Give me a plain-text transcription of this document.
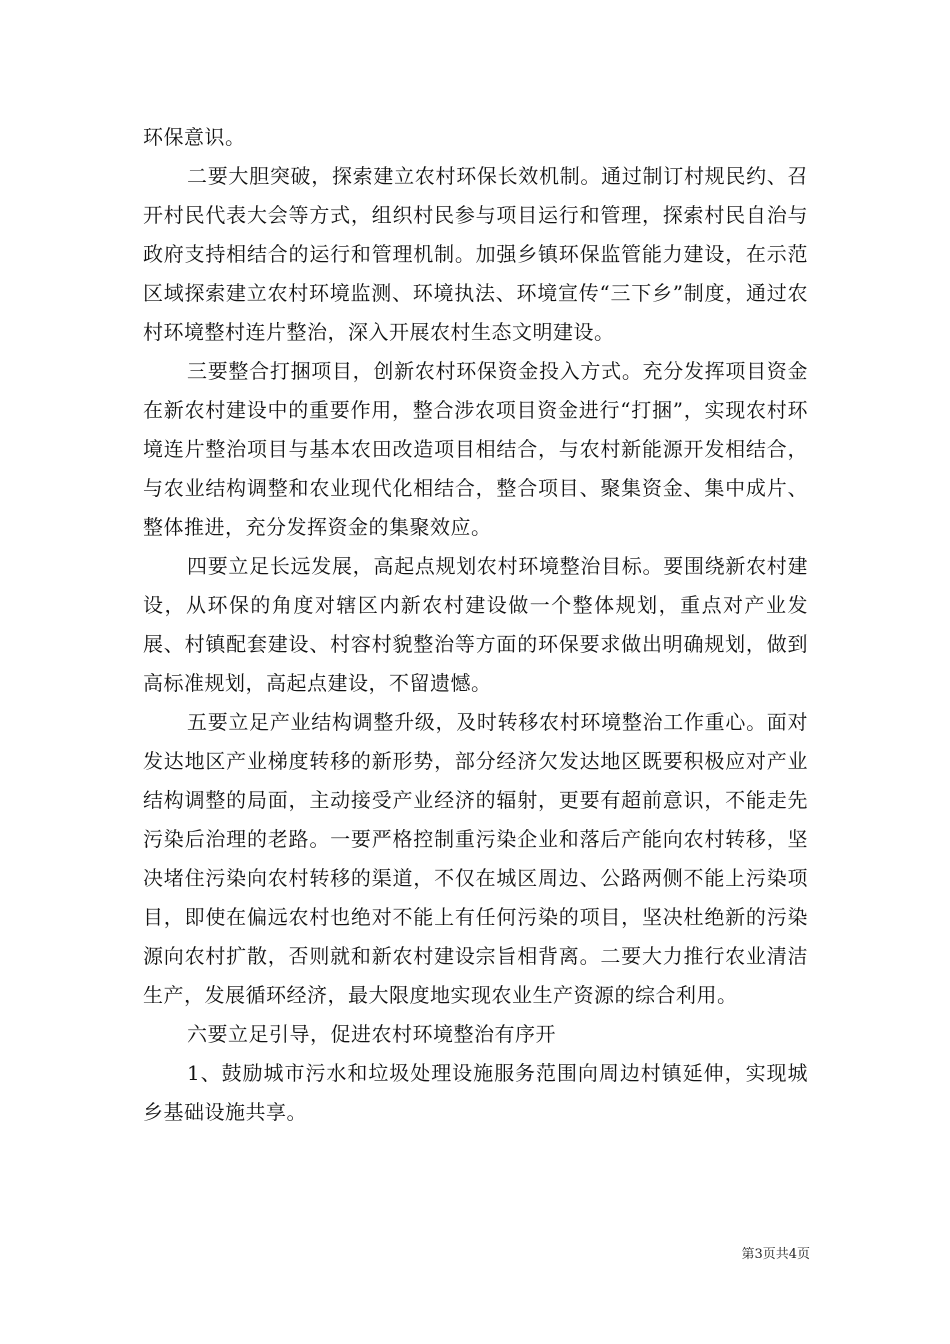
环保意识。

二要大胆突破，探索建立农村环保长效机制。通过制订村规民约、召开村民代表大会等方式，组织村民参与项目运行和管理，探索村民自治与政府支持相结合的运行和管理机制。加强乡镇环保监管能力建设，在示范区域探索建立农村环境监测、环境执法、环境宣传“三下乡”制度，通过农村环境整村连片整治，深入开展农村生态文明建设。

三要整合打捆项目，创新农村环保资金投入方式。充分发挥项目资金在新农村建设中的重要作用，整合涉农项目资金进行“打捆”，实现农村环境连片整治项目与基本农田改造项目相结合，与农村新能源开发相结合，与农业结构调整和农业现代化相结合，整合项目、聚集资金、集中成片、整体推进，充分发挥资金的集聚效应。

四要立足长远发展，高起点规划农村环境整治目标。要围绕新农村建设，从环保的角度对辖区内新农村建设做一个整体规划，重点对产业发展、村镇配套建设、村容村貌整治等方面的环保要求做出明确规划，做到高标准规划，高起点建设，不留遗憾。

五要立足产业结构调整升级，及时转移农村环境整治工作重心。面对发达地区产业梯度转移的新形势，部分经济欠发达地区既要积极应对产业结构调整的局面，主动接受产业经济的辐射，更要有超前意识，不能走先污染后治理的老路。一要严格控制重污染企业和落后产能向农村转移，坚决堵住污染向农村转移的渠道，不仅在城区周边、公路两侧不能上污染项目，即使在偏远农村也绝对不能上有任何污染的项目，坚决杜绝新的污染源向农村扩散，否则就和新农村建设宗旨相背离。二要大力推行农业清洁生产，发展循环经济，最大限度地实现农业生产资源的综合利用。

六要立足引导，促进农村环境整治有序开

1、鼓励城市污水和垃圾处理设施服务范围向周边村镇延伸，实现城乡基础设施共享。

第3页共4页
